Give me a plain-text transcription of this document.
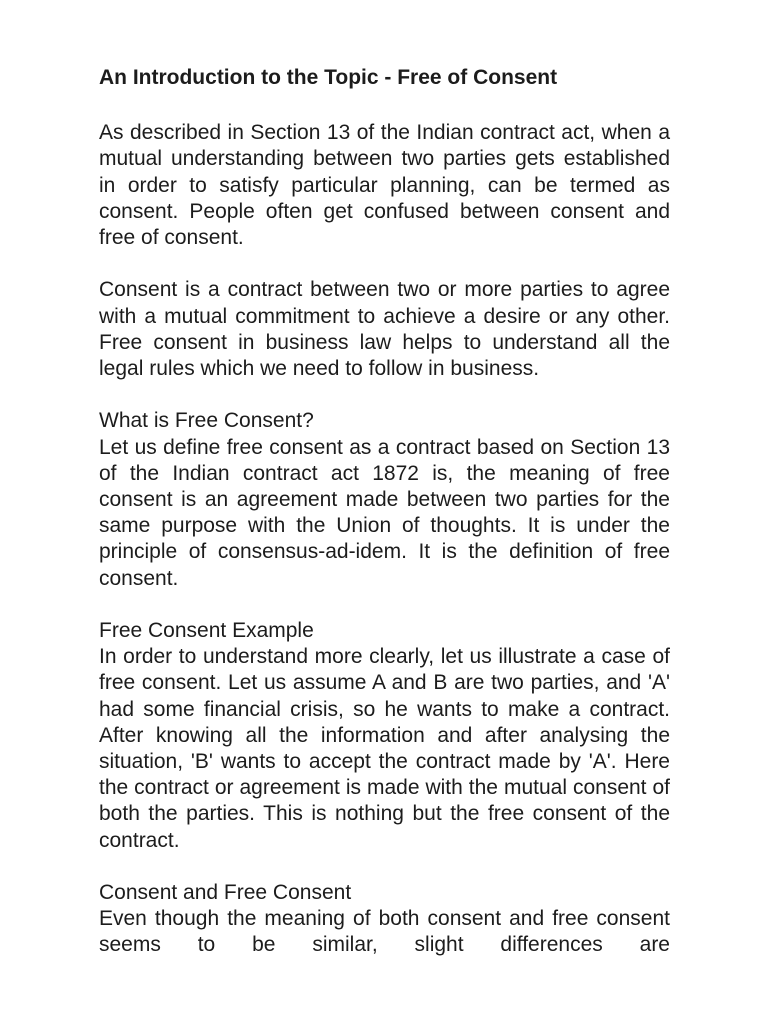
An Introduction to the Topic - Free of Consent

As described in Section 13 of the Indian contract act, when a mutual understanding between two parties gets established in order to satisfy particular planning, can be termed as consent. People often get confused between consent and free of consent.

Consent is a contract between two or more parties to agree with a mutual commitment to achieve a desire or any other. Free consent in business law helps to understand all the legal rules which we need to follow in business.

What is Free Consent?

Let us define free consent as a contract based on Section 13 of the Indian contract act 1872 is, the meaning of free consent is an agreement made between two parties for the same purpose with the Union of thoughts. It is under the principle of consensus-ad-idem. It is the definition of free consent.

Free Consent Example

In order to understand more clearly, let us illustrate a case of free consent. Let us assume A and B are two parties, and 'A' had some financial crisis, so he wants to make a contract. After knowing all the information and after analysing the situation, 'B' wants to accept the contract made by 'A'. Here the contract or agreement is made with the mutual consent of both the parties. This is nothing but the free consent of the contract.

Consent and Free Consent

Even though the meaning of both consent and free consent seems to be similar, slight differences are
